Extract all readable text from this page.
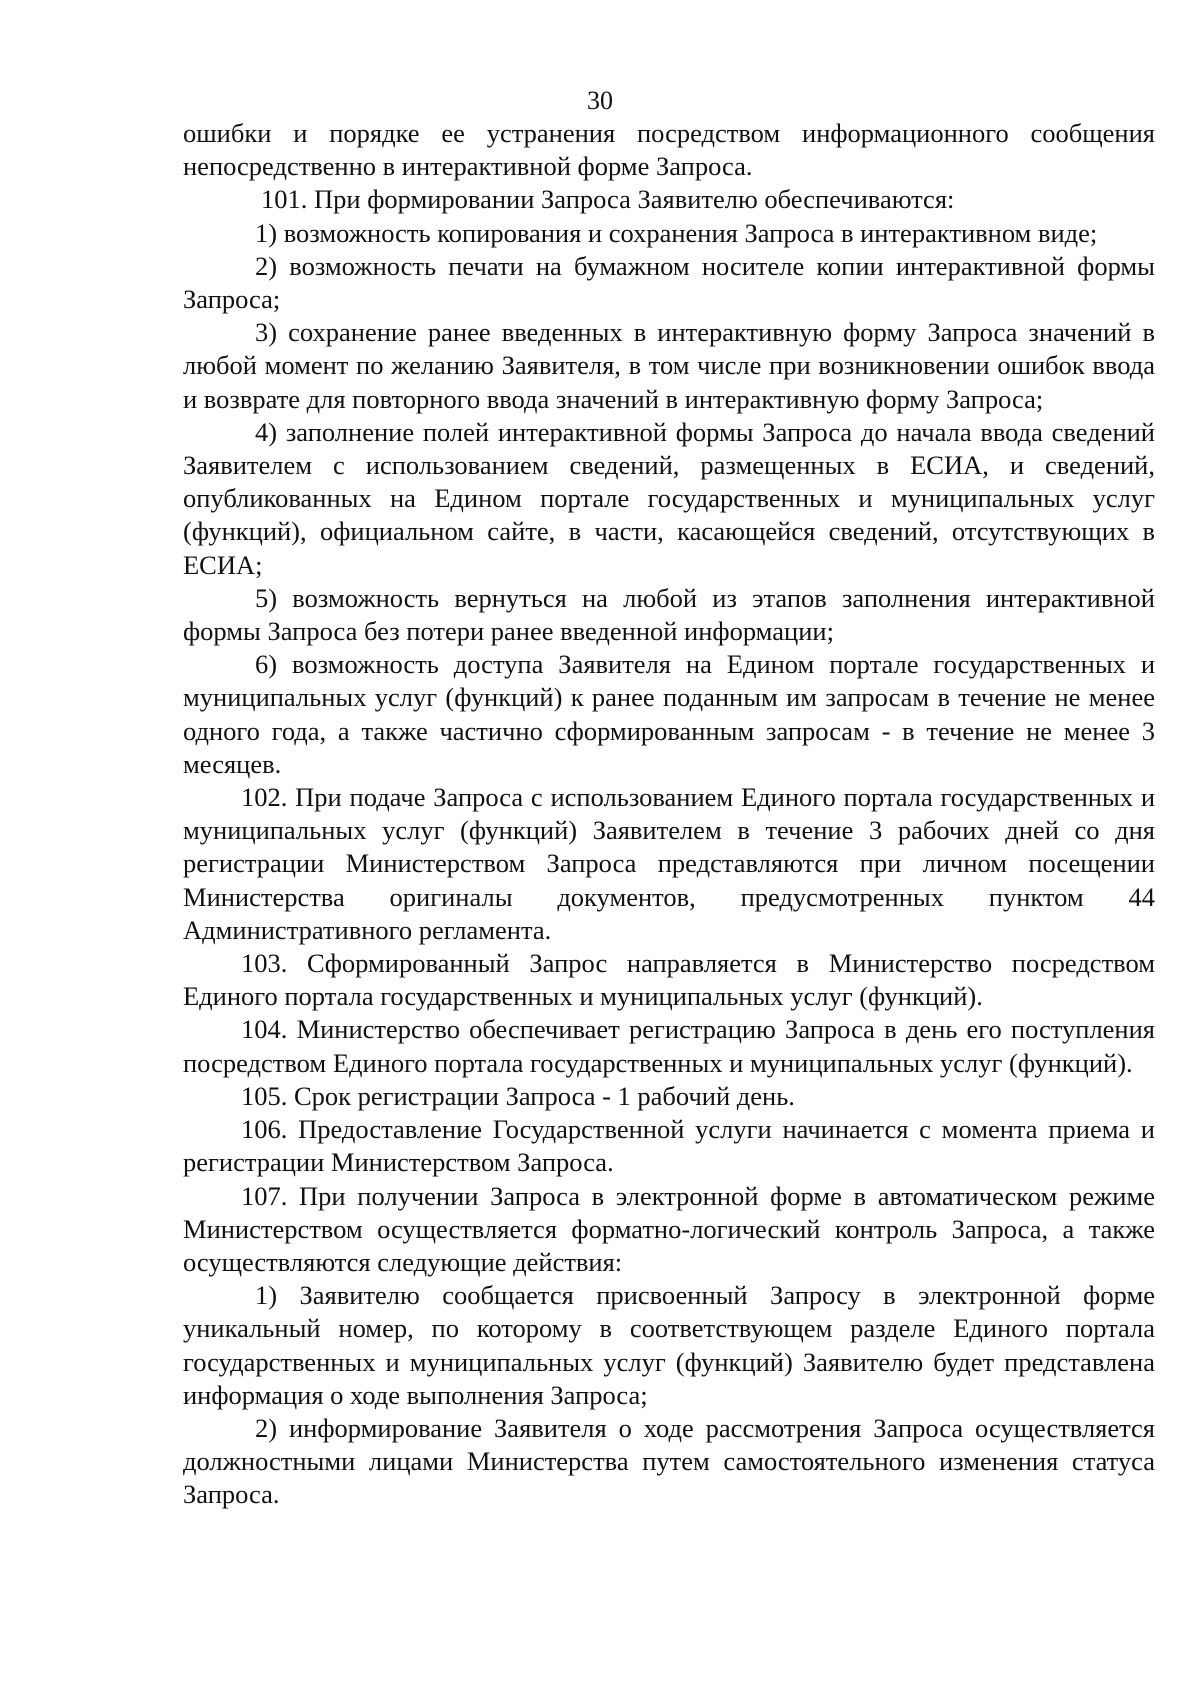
30

ошибки и порядке ее устранения посредством информационного сообщения непосредственно в интерактивной форме Запроса.

101. При формировании Запроса Заявителю обеспечиваются:

1) возможность копирования и сохранения Запроса в интерактивном виде;

2) возможность печати на бумажном носителе копии интерактивной формы Запроса;

3) сохранение ранее введенных в интерактивную форму Запроса значений в любой момент по желанию Заявителя, в том числе при возникновении ошибок ввода и возврате для повторного ввода значений в интерактивную форму Запроса;

4) заполнение полей интерактивной формы Запроса до начала ввода сведений Заявителем с использованием сведений, размещенных в ЕСИА, и сведений, опубликованных на Едином портале государственных и муниципальных услуг (функций), официальном сайте, в части, касающейся сведений, отсутствующих в ЕСИА;

5) возможность вернуться на любой из этапов заполнения интерактивной формы Запроса без потери ранее введенной информации;

6) возможность доступа Заявителя на Едином портале государственных и муниципальных услуг (функций) к ранее поданным им запросам в течение не менее одного года, а также частично сформированным запросам - в течение не менее 3 месяцев.

102. При подаче Запроса с использованием Единого портала государственных и муниципальных услуг (функций) Заявителем в течение 3 рабочих дней со дня регистрации Министерством Запроса представляются при личном посещении Министерства оригиналы документов, предусмотренных пунктом 44 Административного регламента.

103. Сформированный Запрос направляется в Министерство посредством Единого портала государственных и муниципальных услуг (функций).

104. Министерство обеспечивает регистрацию Запроса в день его поступления посредством Единого портала государственных и муниципальных услуг (функций).

105. Срок регистрации Запроса - 1 рабочий день.

106. Предоставление Государственной услуги начинается с момента приема и регистрации Министерством Запроса.

107. При получении Запроса в электронной форме в автоматическом режиме Министерством осуществляется форматно-логический контроль Запроса, а также осуществляются следующие действия:

1) Заявителю сообщается присвоенный Запросу в электронной форме уникальный номер, по которому в соответствующем разделе Единого портала государственных и муниципальных услуг (функций) Заявителю будет представлена информация о ходе выполнения Запроса;

2) информирование Заявителя о ходе рассмотрения Запроса осуществляется должностными лицами Министерства путем самостоятельного изменения статуса Запроса.
